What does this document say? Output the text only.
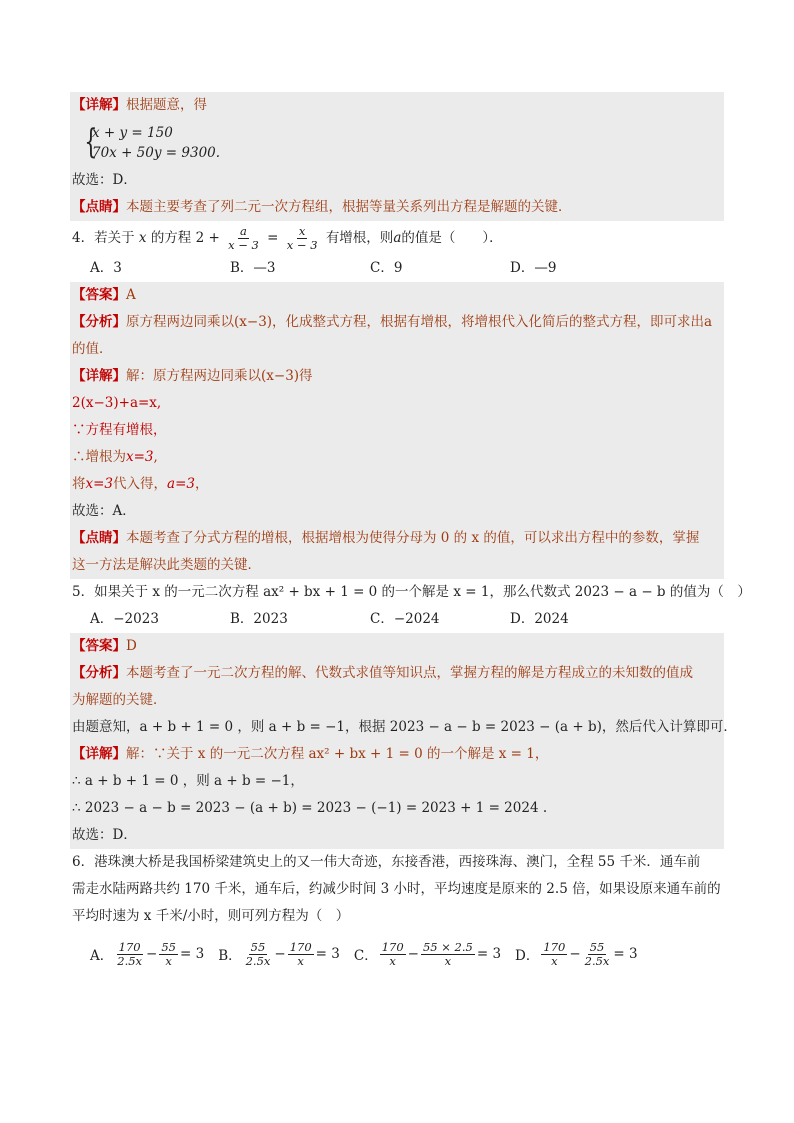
【详解】根据题意，得
{ x + y = 150
70x + 50y = 9300.
故选：D．
【点睛】本题主要考查了列二元一次方程组，根据等量关系列出方程是解题的关键．
4．若关于 x 的方程 $2 + \frac{a}{x - 3} = \frac{x}{x - 3}$ 有增根，则a的值是（　　）．
A．3	B．—3	C．9	D．—9
【答案】A
【分析】原方程两边同乘以(x−3)，化成整式方程，根据有增根，将增根代入化简后的整式方程，即可求出a
的值．
【详解】解：原方程两边同乘以(x−3)得
2(x−3)+a=x,
∵方程有增根，
∴增根为x=3,
将x=3代入得，a=3，
故选：A．
【点睛】本题考查了分式方程的增根，根据增根为使得分母为 0 的 x 的值，可以求出方程中的参数，掌握
这一方法是解决此类题的关键．
5．如果关于 x 的一元二次方程 ax² + bx + 1 = 0 的一个解是 x = 1，那么代数式 2023 − a − b 的值为（　）
A．−2023	B．2023	C．−2024	D．2024
【答案】D
【分析】本题考查了一元二次方程的解、代数式求值等知识点，掌握方程的解是方程成立的未知数的值成
为解题的关键．
由题意知，a + b + 1 = 0 ，则 a + b = −1，根据 2023 − a − b = 2023 − (a + b)，然后代入计算即可．
【详解】解：∵关于 x 的一元二次方程 ax² + bx + 1 = 0 的一个解是 x = 1，
∴ a + b + 1 = 0 ，则 a + b = −1，
∴ 2023 − a − b = 2023 − (a + b) = 2023 − (−1) = 2023 + 1 = 2024 .
故选：D．
6．港珠澳大桥是我国桥梁建筑史上的又一伟大奇迹，东接香港，西接珠海、澳门，全程 55 千米．通车前
需走水陆两路共约 170 千米，通车后，约减少时间 3 小时，平均速度是原来的 2.5 倍，如果设原来通车前的
平均时速为 x 千米/小时，则可列方程为（　）
A． $\frac{170}{2.5x} - \frac{55}{x} = 3$ B． $\frac{55}{2.5x} - \frac{170}{x} = 3$ C． $\frac{170}{x} - \frac{55 \times 2.5}{x} = 3$ D． $\frac{170}{x} - \frac{55}{2.5x} = 3$
